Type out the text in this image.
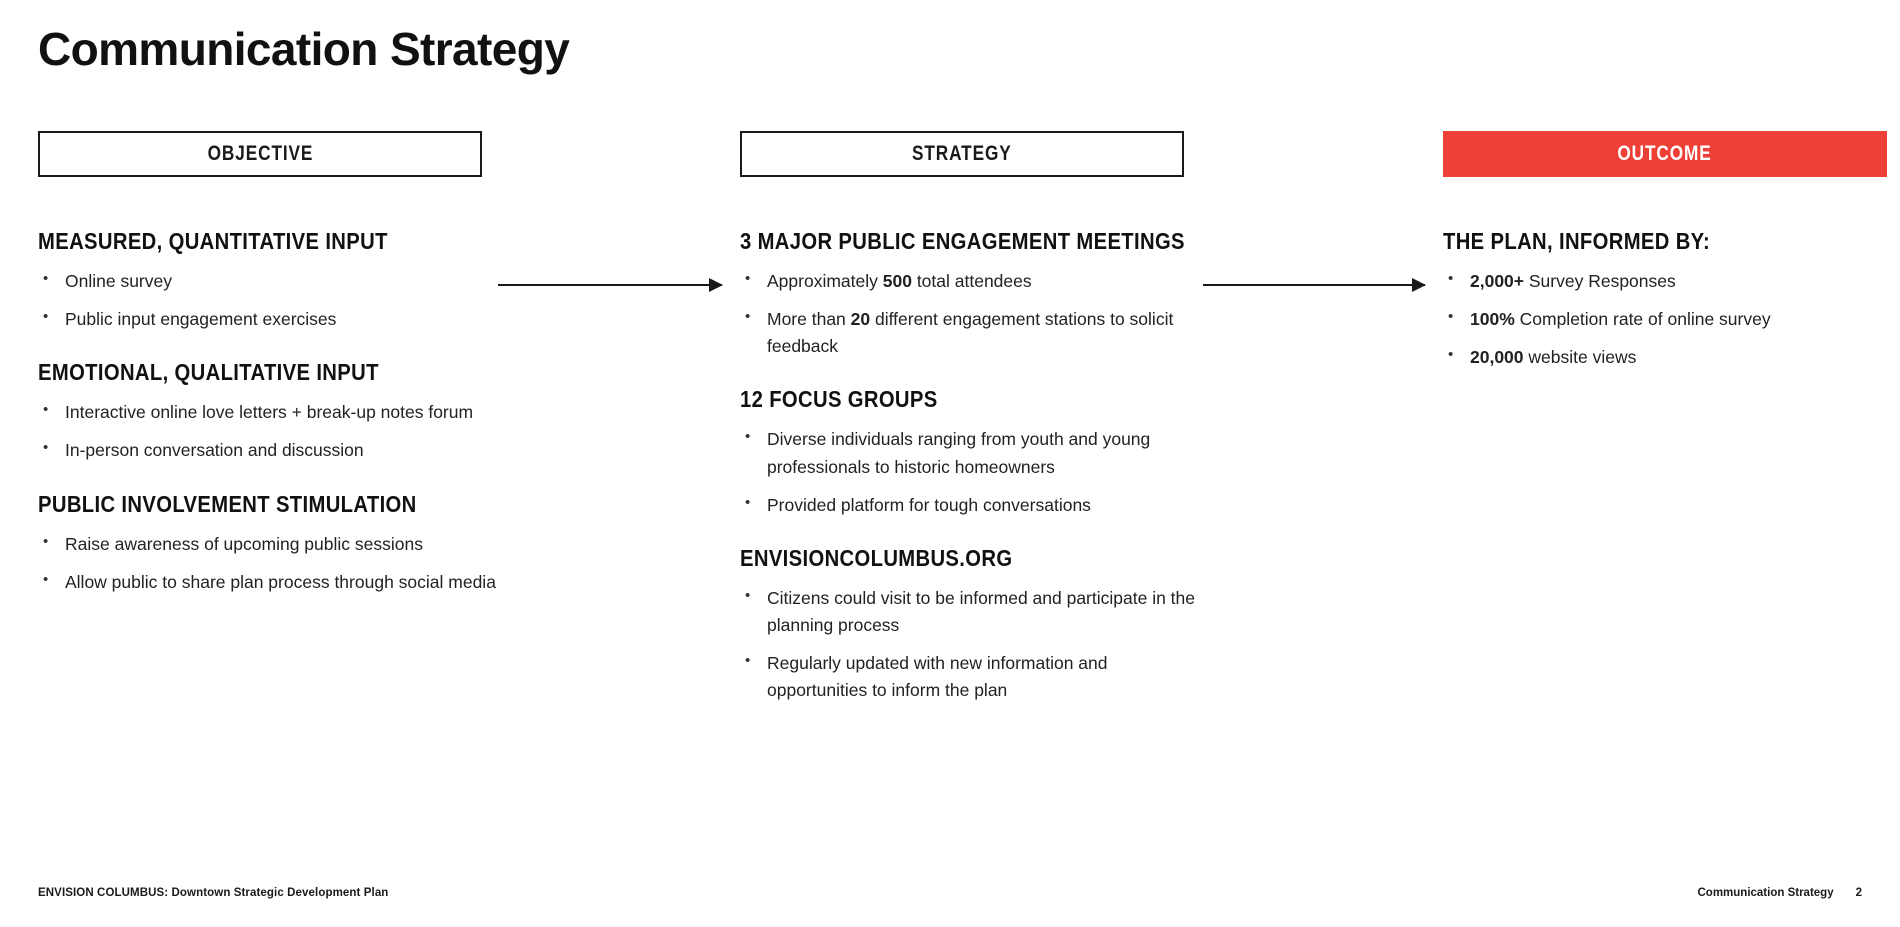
Communication Strategy
OBJECTIVE	STRATEGY	OUTCOME
MEASURED, QUANTITATIVE INPUT
• Online survey
• Public input engagement exercises
EMOTIONAL, QUALITATIVE INPUT
• Interactive online love letters + break-up notes forum
• In-person conversation and discussion
PUBLIC INVOLVEMENT STIMULATION
• Raise awareness of upcoming public sessions
• Allow public to share plan process through social media
3 MAJOR PUBLIC ENGAGEMENT MEETINGS
• Approximately 500 total attendees
• More than 20 different engagement stations to solicit feedback
12 FOCUS GROUPS
• Diverse individuals ranging from youth and young professionals to historic homeowners
• Provided platform for tough conversations
ENVISIONCOLUMBUS.ORG
• Citizens could visit to be informed and participate in the planning process
• Regularly updated with new information and opportunities to inform the plan
THE PLAN, INFORMED BY:
• 2,000+ Survey Responses
• 100% Completion rate of online survey
• 20,000 website views
ENVISION COLUMBUS: Downtown Strategic Development Plan	Communication Strategy 2
